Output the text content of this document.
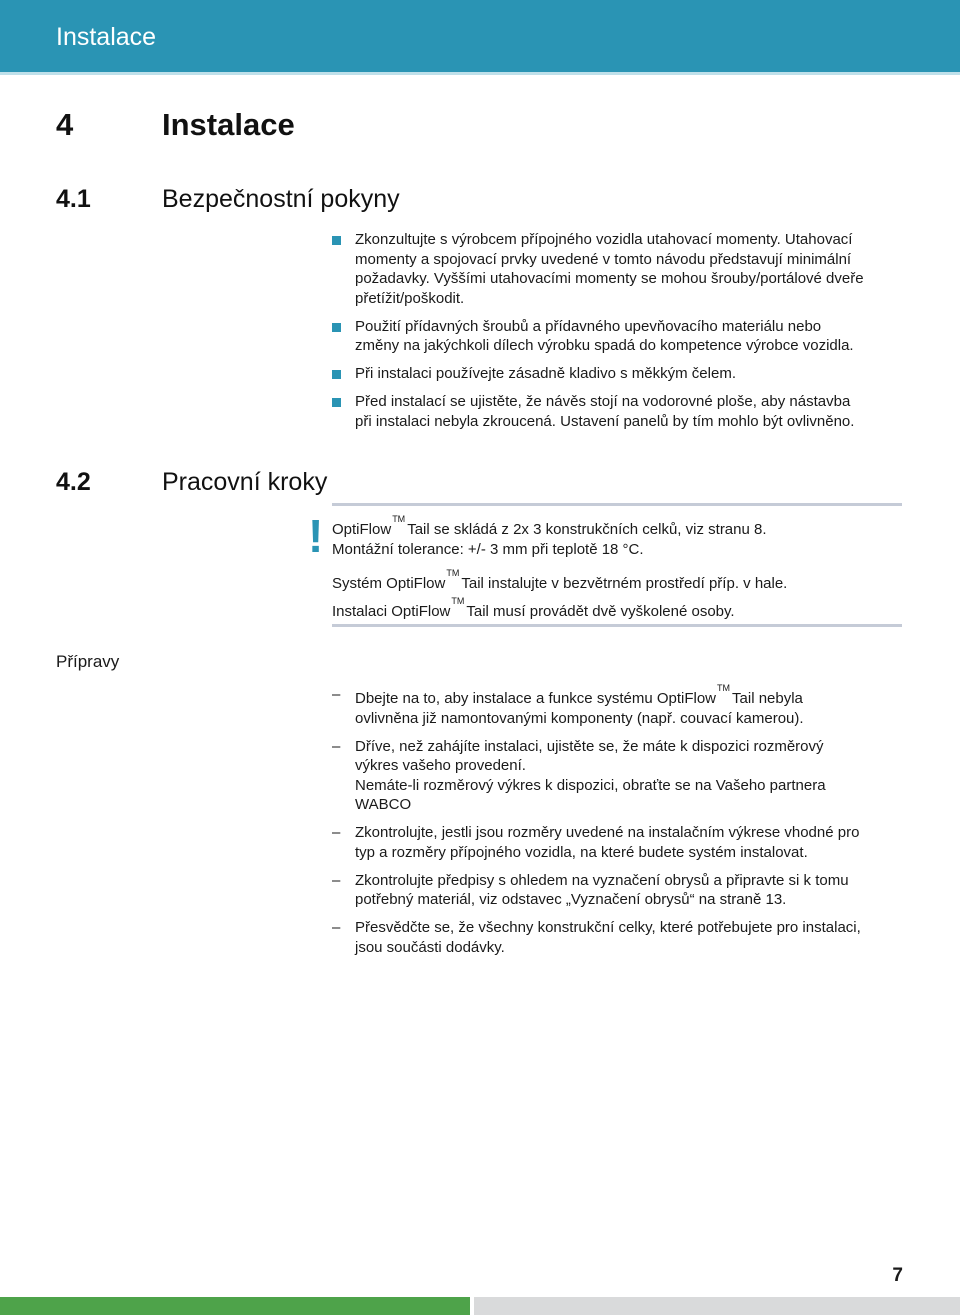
Instalace
4	Instalace
4.1	Bezpečnostní pokyny
Zkonzultujte s výrobcem přípojného vozidla utahovací momenty. Utahovací
momenty a spojovací prvky uvedené v tomto návodu představují minimální
požadavky. Vyššími utahovacími momenty se mohou šrouby/portálové dveře
přetížit/poškodit.
Použití přídavných šroubů a přídavného upevňovacího materiálu nebo
změny na jakýchkoli dílech výrobku spadá do kompetence výrobce vozidla.
Při instalaci používejte zásadně kladivo s měkkým čelem.
Před instalací se ujistěte, že návěs stojí na vodorovné ploše, aby nástavba
při instalaci nebyla zkroucená. Ustavení panelů by tím mohlo být ovlivněno.
4.2	Pracovní kroky
! OptiFlow™Tail se skládá z 2x 3 konstrukčních celků, viz stranu 8.

Montážní tolerance: +/- 3 mm při teplotě 18 °C.

Systém OptiFlow™Tail instalujte v bezvětrném prostředí příp. v hale.

Instalaci OptiFlow™Tail musí provádět dvě vyškolené osoby.

Přípravy
– Dbejte na to, aby instalace a funkce systému OptiFlow™Tail nebyla
ovlivněna již namontovanými komponenty (např. couvací kamerou).
– Dříve, než zahájíte instalaci, ujistěte se, že máte k dispozici rozměrový
výkres vašeho provedení.
Nemáte-li rozměrový výkres k dispozici, obraťte se na Vašeho partnera
WABCO
– Zkontrolujte, jestli jsou rozměry uvedené na instalačním výkrese vhodné pro
typ a rozměry přípojného vozidla, na které budete systém instalovat.
– Zkontrolujte předpisy s ohledem na vyznačení obrysů a připravte si k tomu
potřebný materiál, viz odstavec „Vyznačení obrysů“ na straně 13.
– Přesvědčte se, že všechny konstrukční celky, které potřebujete pro instalaci,
jsou součásti dodávky.
7
